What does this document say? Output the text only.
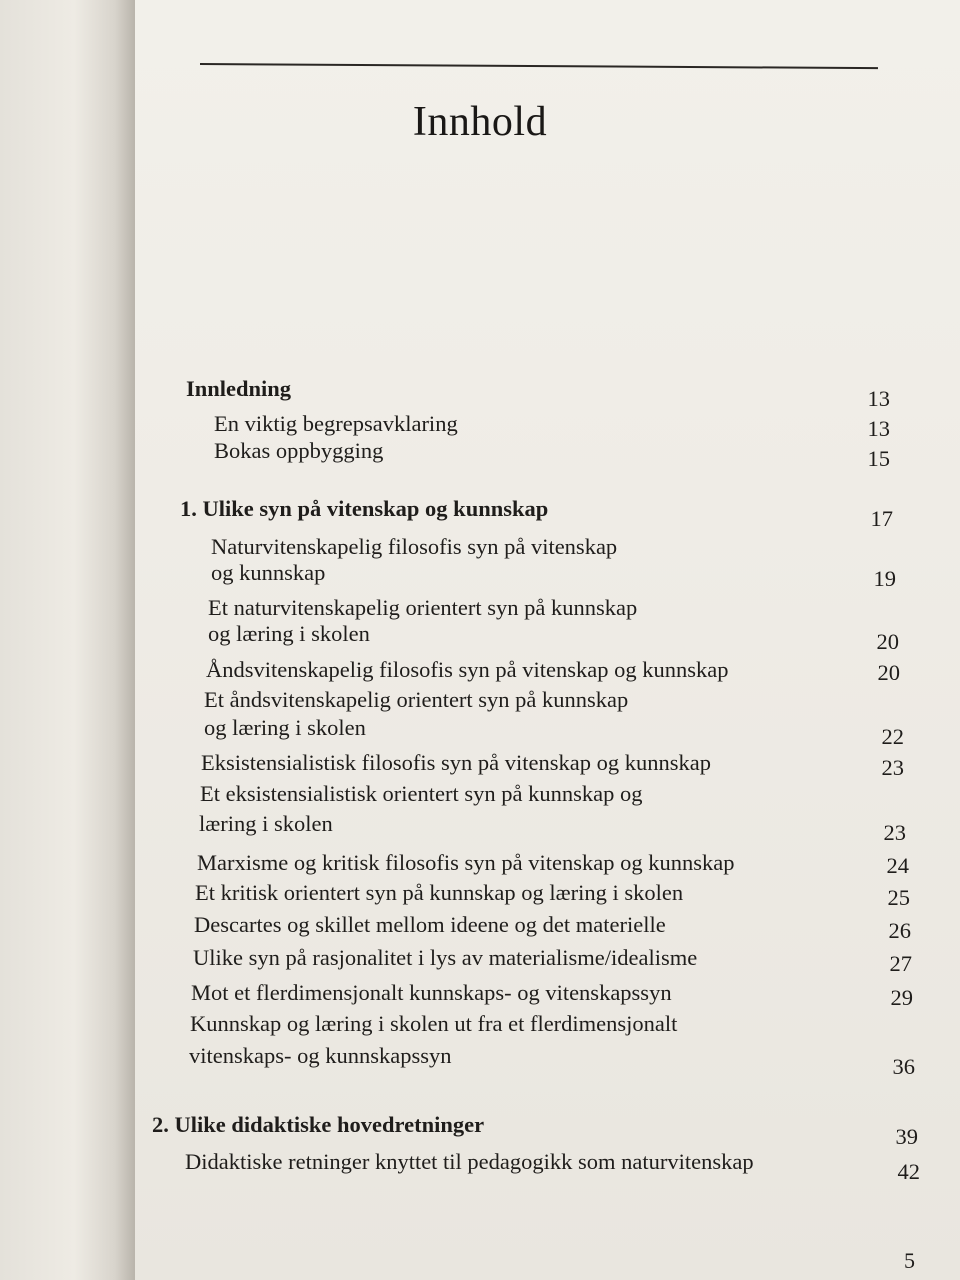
Innhold
Innledning	13
En viktig begrepsavklaring	13
Bokas oppbygging	15
1. Ulike syn på vitenskap og kunnskap	17
Naturvitenskapelig filosofis syn på vitenskap
og kunnskap	19
Et naturvitenskapelig orientert syn på kunnskap
og læring i skolen	20
Åndsvitenskapelig filosofis syn på vitenskap og kunnskap	20
Et åndsvitenskapelig orientert syn på kunnskap
og læring i skolen	22
Eksistensialistisk filosofis syn på vitenskap og kunnskap	23
Et eksistensialistisk orientert syn på kunnskap og
læring i skolen	23
Marxisme og kritisk filosofis syn på vitenskap og kunnskap	24
Et kritisk orientert syn på kunnskap og læring i skolen	25
Descartes og skillet mellom ideene og det materielle	26
Ulike syn på rasjonalitet i lys av materialisme/idealisme	27
Mot et flerdimensjonalt kunnskaps- og vitenskapssyn	29
Kunnskap og læring i skolen ut fra et flerdimensjonalt
vitenskaps- og kunnskapssyn	36
2. Ulike didaktiske hovedretninger	39
Didaktiske retninger knyttet til pedagogikk som naturvitenskap	42
5
